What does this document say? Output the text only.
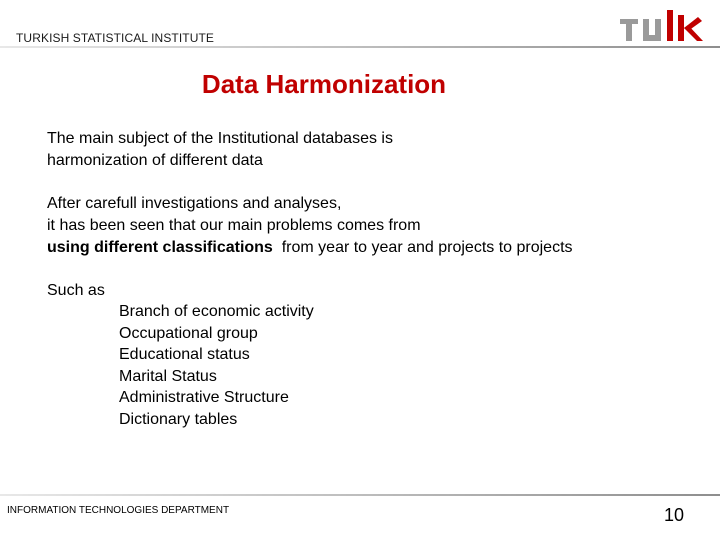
TURKISH STATISTICAL INSTITUTE
Data Harmonization

The main subject of the Institutional databases is
harmonization of different data

After carefull investigations and analyses,
it has been seen that our main problems comes from
using different classifications  from year to year and projects to projects

Such as

Branch of economic activity
Occupational group
Educational status
Marital Status
Administrative Structure
Dictionary tables
INFORMATION TECHNOLOGIES DEPARTMENT	10
